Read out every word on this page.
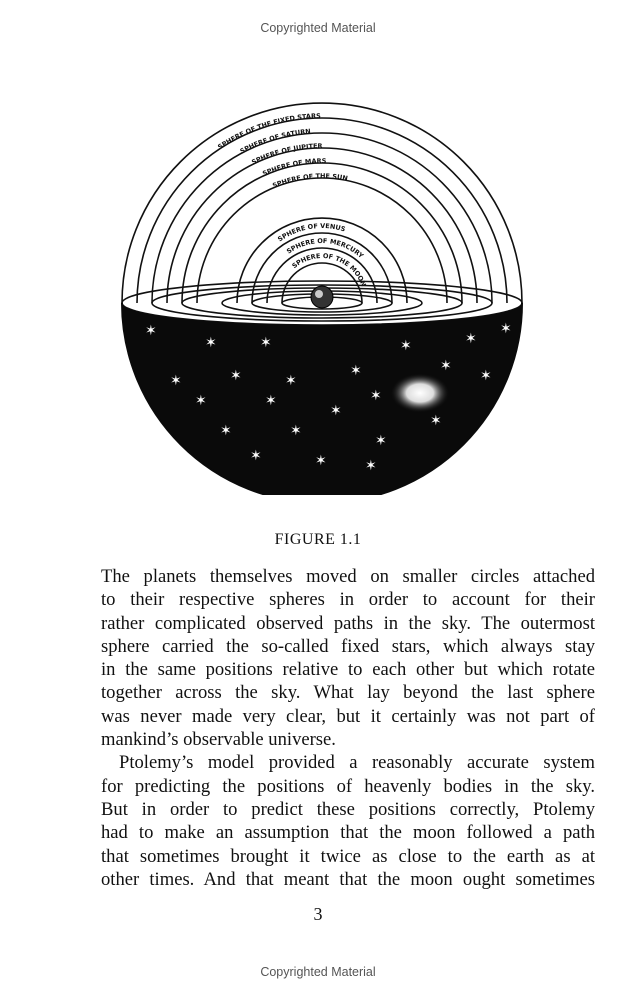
Copyrighted Material
✶
✶	✶	✶	✶
✶
✶	✶	✶
✶	✶
✶
✶	✶
✶
✶
✶	✶
✶
✶
✶	✶	✶
SPHERE OF THE FIXED STARS
SPHERE OF SATURN
SPHERE OF JUPITER
SPHERE OF MARS
SPHERE OF THE SUN
SPHERE OF VENUS
SPHERE OF MERCURY
SPHERE OF THE MOON
FIGURE 1.1

The planets themselves moved on smaller circles attached

to their respective spheres in order to account for their

rather complicated observed paths in the sky. The outermost

sphere carried the so-called fixed stars, which always stay

in the same positions relative to each other but which rotate

together across the sky. What lay beyond the last sphere

was never made very clear, but it certainly was not part of

mankind’s observable universe.

Ptolemy’s model provided a reasonably accurate system

for predicting the positions of heavenly bodies in the sky.

But in order to predict these positions correctly, Ptolemy

had to make an assumption that the moon followed a path

that sometimes brought it twice as close to the earth as at

other times. And that meant that the moon ought sometimes

3
Copyrighted Material
